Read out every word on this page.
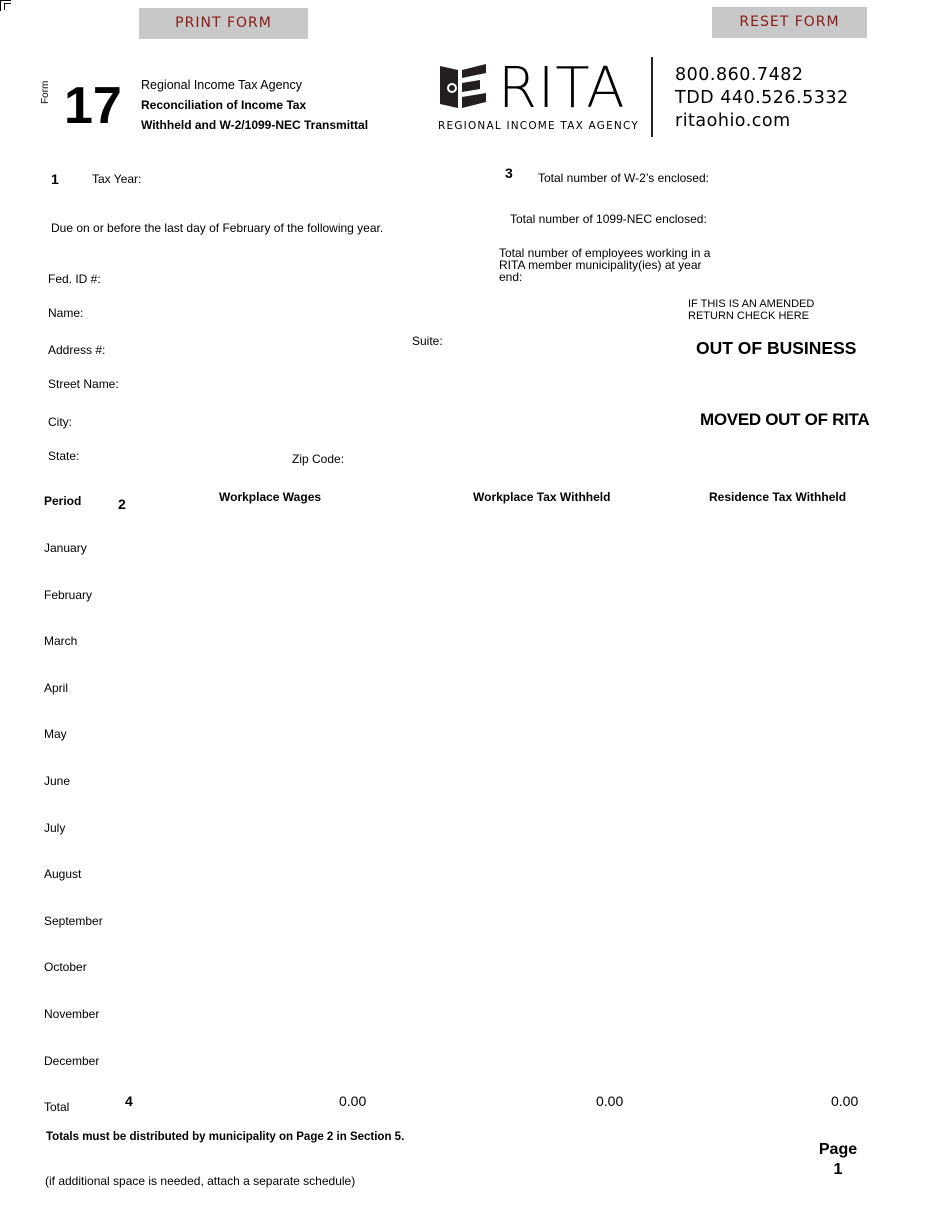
PRINT FORM	RESET FORM
Form 17 Regional Income Tax Agency
Reconciliation of Income Tax
Withheld and W-2/1099-NEC Transmittal
RITA
REGIONAL INCOME TAX AGENCY
800.860.7482
TDD 440.526.5332
ritaohio.com
1	Tax Year:
Due on or before the last day of February of the following year.
Fed. ID #:
Name:
Address #:
Suite:
Street Name:
City:
State:	Zip Code:
3 Total number of W-2’s enclosed:
Total number of 1099-NEC enclosed:
Total number of employees working in a
RITA member municipality(ies) at year
end:
IF THIS IS AN AMENDED
RETURN CHECK HERE
OUT OF BUSINESS
MOVED OUT OF RITA
Period	2	Workplace Wages	Workplace Tax Withheld	Residence Tax Withheld
January
February
March
April
May
June
July
August
September
October
November
December
Total	4	0.00	0.00	0.00
Totals must be distributed by municipality on Page 2 in Section 5.
(if additional space is needed, attach a separate schedule)
Page
1
